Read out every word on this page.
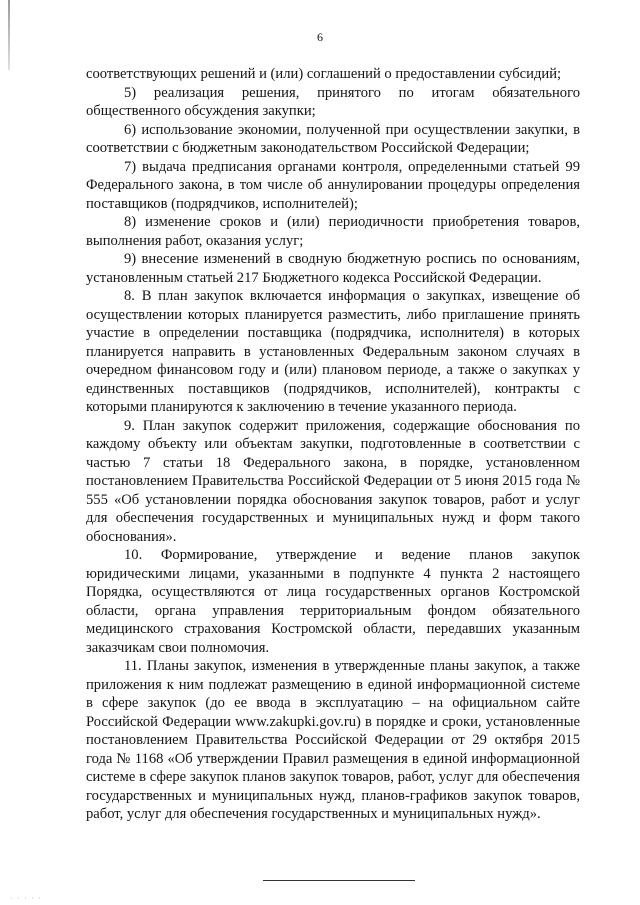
6

соответствующих решений и (или) соглашений о предоставлении субсидий;

5) реализация решения, принятого по итогам обязательного общественного обсуждения закупки;

6) использование экономии, полученной при осуществлении закупки, в соответствии с бюджетным законодательством Российской Федерации;

7) выдача предписания органами контроля, определенными статьей 99 Федерального закона, в том числе об аннулировании процедуры определения поставщиков (подрядчиков, исполнителей);

8) изменение сроков и (или) периодичности приобретения товаров, выполнения работ, оказания услуг;

9) внесение изменений в сводную бюджетную роспись по основаниям, установленным статьей 217 Бюджетного кодекса Российской Федерации.

8. В план закупок включается информация о закупках, извещение об осуществлении которых планируется разместить, либо приглашение принять участие в определении поставщика (подрядчика, исполнителя) в которых планируется направить в установленных Федеральным законом случаях в очередном финансовом году и (или) плановом периоде, а также о закупках у единственных поставщиков (подрядчиков, исполнителей), контракты с которыми планируются к заключению в течение указанного периода.

9. План закупок содержит приложения, содержащие обоснования по каждому объекту или объектам закупки, подготовленные в соответствии с частью 7 статьи 18 Федерального закона, в порядке, установленном постановлением Правительства Российской Федерации от 5 июня 2015 года № 555 «Об установлении порядка обоснования закупок товаров, работ и услуг для обеспечения государственных и муниципальных нужд и форм такого обоснования».

10. Формирование, утверждение и ведение планов закупок юридическими лицами, указанными в подпункте 4 пункта 2 настоящего Порядка, осуществляются от лица государственных органов Костромской области, органа управления территориальным фондом обязательного медицинского страхования Костромской области, передавших указанным заказчикам свои полномочия.

11. Планы закупок, изменения в утвержденные планы закупок, а также приложения к ним подлежат размещению в единой информационной системе в сфере закупок (до ее ввода в эксплуатацию – на официальном сайте Российской Федерации www.zakupki.gov.ru) в порядке и сроки, установленные постановлением Правительства Российской Федерации от 29 октября 2015 года № 1168 «Об утверждении Правил размещения в единой информационной системе в сфере закупок планов закупок товаров, работ, услуг для обеспечения государственных и муниципальных нужд, планов-графиков закупок товаров, работ, услуг для обеспечения государственных и муниципальных нужд».

· · · · ·
